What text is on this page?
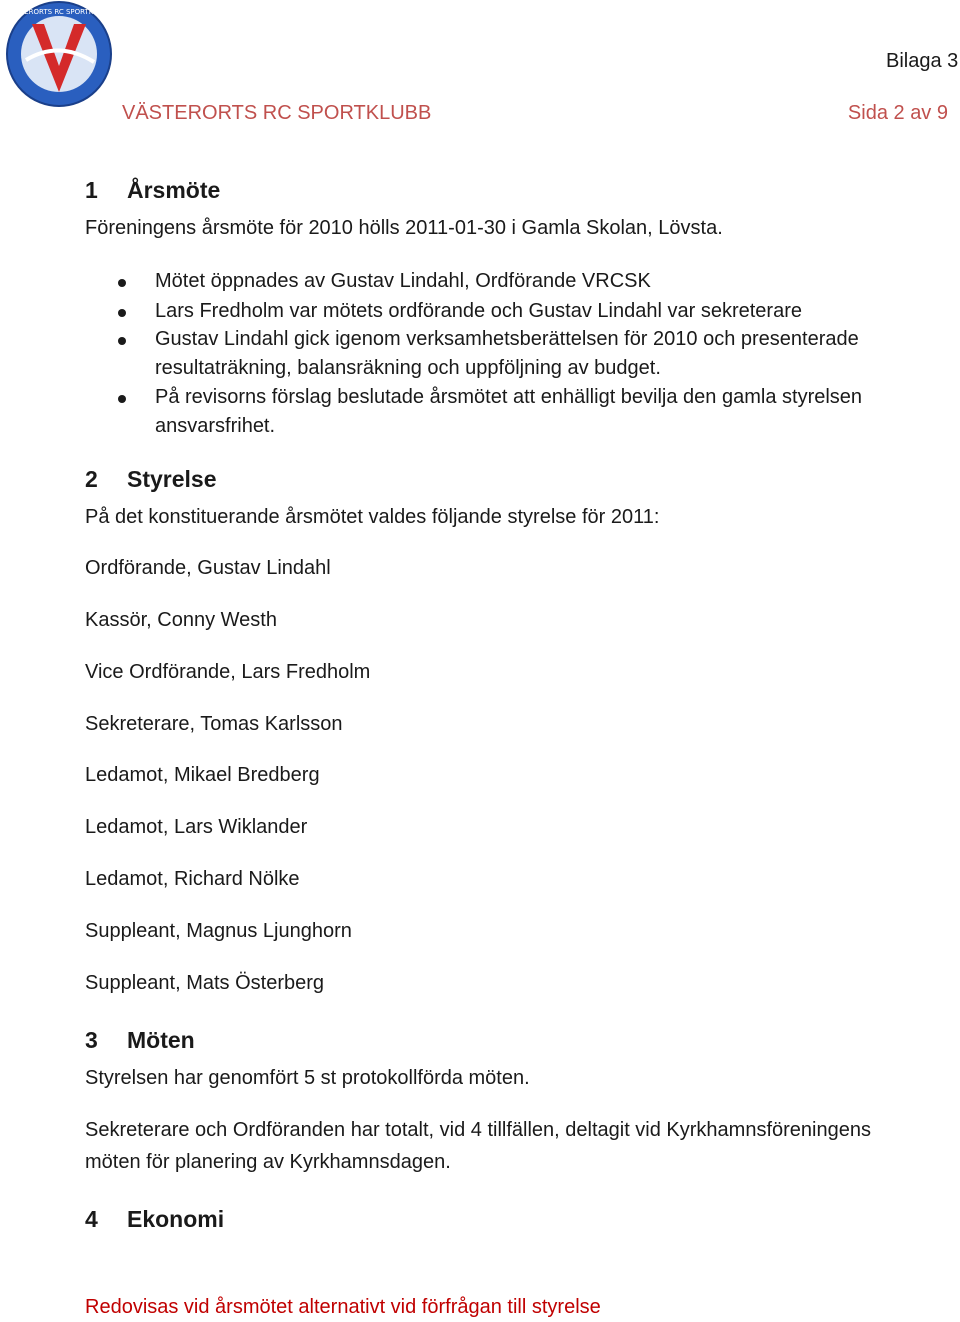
VÄSTERORTS RC SPORTKLUBB
Bilaga 3
VÄSTERORTS RC SPORTKLUBB	Sida 2 av 9
1 Årsmöte
Föreningens årsmöte för 2010 hölls 2011-01-30 i Gamla Skolan, Lövsta.
Mötet öppnades av Gustav Lindahl, Ordförande VRCSK
Lars Fredholm var mötets ordförande och Gustav Lindahl var sekreterare
Gustav Lindahl gick igenom verksamhetsberättelsen för 2010 och presenterade
resultaträkning, balansräkning och uppföljning av budget.
På revisorns förslag beslutade årsmötet att enhälligt bevilja den gamla styrelsen
ansvarsfrihet.
2 Styrelse
På det konstituerande årsmötet valdes följande styrelse för 2011:
Ordförande, Gustav Lindahl
Kassör, Conny Westh
Vice Ordförande, Lars Fredholm
Sekreterare, Tomas Karlsson
Ledamot, Mikael Bredberg
Ledamot, Lars Wiklander
Ledamot, Richard Nölke
Suppleant, Magnus Ljunghorn
Suppleant, Mats Österberg
3 Möten
Styrelsen har genomfört 5 st protokollförda möten.
Sekreterare och Ordföranden har totalt, vid 4 tillfällen, deltagit vid Kyrkhamnsföreningens
möten för planering av Kyrkhamnsdagen.
4 Ekonomi
Redovisas vid årsmötet alternativt vid förfrågan till styrelse
